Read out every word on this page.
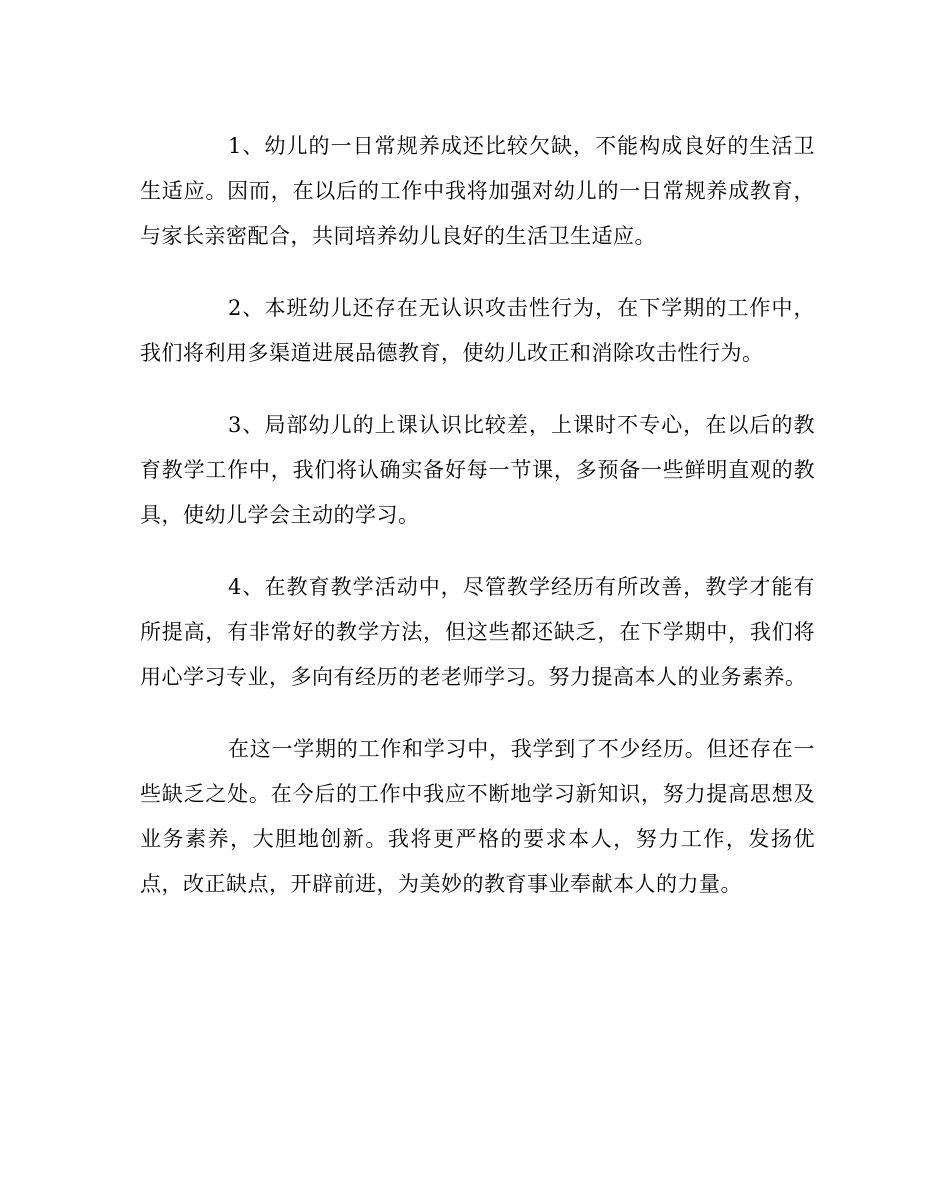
1、幼儿的一日常规养成还比较欠缺，不能构成良好的生活卫生适应。因而，在以后的工作中我将加强对幼儿的一日常规养成教育，与家长亲密配合，共同培养幼儿良好的生活卫生适应。

2、本班幼儿还存在无认识攻击性行为，在下学期的工作中，我们将利用多渠道进展品德教育，使幼儿改正和消除攻击性行为。

3、局部幼儿的上课认识比较差，上课时不专心，在以后的教育教学工作中，我们将认确实备好每一节课，多预备一些鲜明直观的教具，使幼儿学会主动的学习。

4、在教育教学活动中，尽管教学经历有所改善，教学才能有所提高，有非常好的教学方法，但这些都还缺乏，在下学期中，我们将用心学习专业，多向有经历的老老师学习。努力提高本人的业务素养。

在这一学期的工作和学习中，我学到了不少经历。但还存在一些缺乏之处。在今后的工作中我应不断地学习新知识，努力提高思想及业务素养，大胆地创新。我将更严格的要求本人，努力工作，发扬优点，改正缺点，开辟前进，为美妙的教育事业奉献本人的力量。
